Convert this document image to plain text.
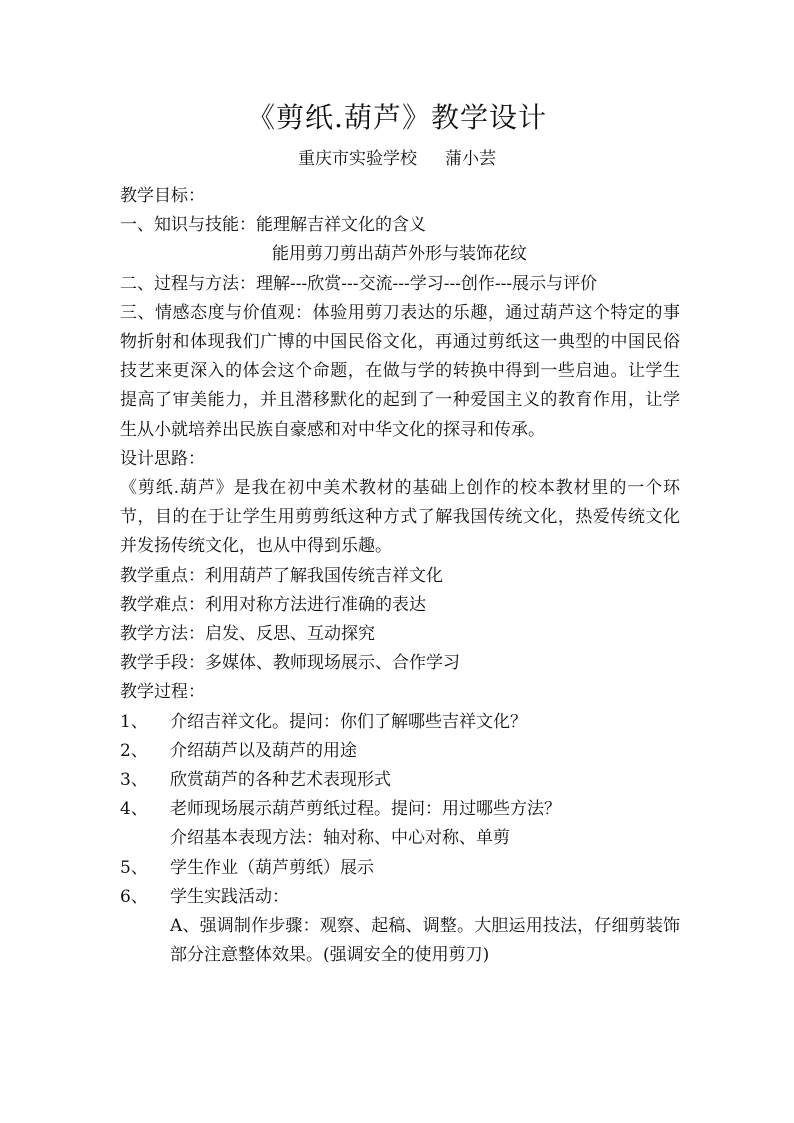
《剪纸.葫芦》教学设计
重庆市实验学校 蒲小芸
教学目标：
一、知识与技能：能理解吉祥文化的含义
能用剪刀剪出葫芦外形与装饰花纹
二、过程与方法：理解---欣赏---交流---学习---创作---展示与评价
三、情感态度与价值观：体验用剪刀表达的乐趣，通过葫芦这个特定的事物折射和体现我们广博的中国民俗文化，再通过剪纸这一典型的中国民俗技艺来更深入的体会这个命题，在做与学的转换中得到一些启迪。让学生提高了审美能力，并且潜移默化的起到了一种爱国主义的教育作用，让学生从小就培养出民族自豪感和对中华文化的探寻和传承。
设计思路：
《剪纸.葫芦》是我在初中美术教材的基础上创作的校本教材里的一个环节，目的在于让学生用剪剪纸这种方式了解我国传统文化，热爱传统文化并发扬传统文化，也从中得到乐趣。
教学重点：利用葫芦了解我国传统吉祥文化
教学难点：利用对称方法进行准确的表达
教学方法：启发、反思、互动探究
教学手段：多媒体、教师现场展示、合作学习
教学过程：
1、	介绍吉祥文化。提问：你们了解哪些吉祥文化？
2、	介绍葫芦以及葫芦的用途
3、	欣赏葫芦的各种艺术表现形式
4、	老师现场展示葫芦剪纸过程。提问：用过哪些方法？
介绍基本表现方法：轴对称、中心对称、单剪
5、	学生作业（葫芦剪纸）展示
6、	学生实践活动：
A、强调制作步骤：观察、起稿、调整。大胆运用技法，仔细剪装饰部分注意整体效果。(强调安全的使用剪刀)
